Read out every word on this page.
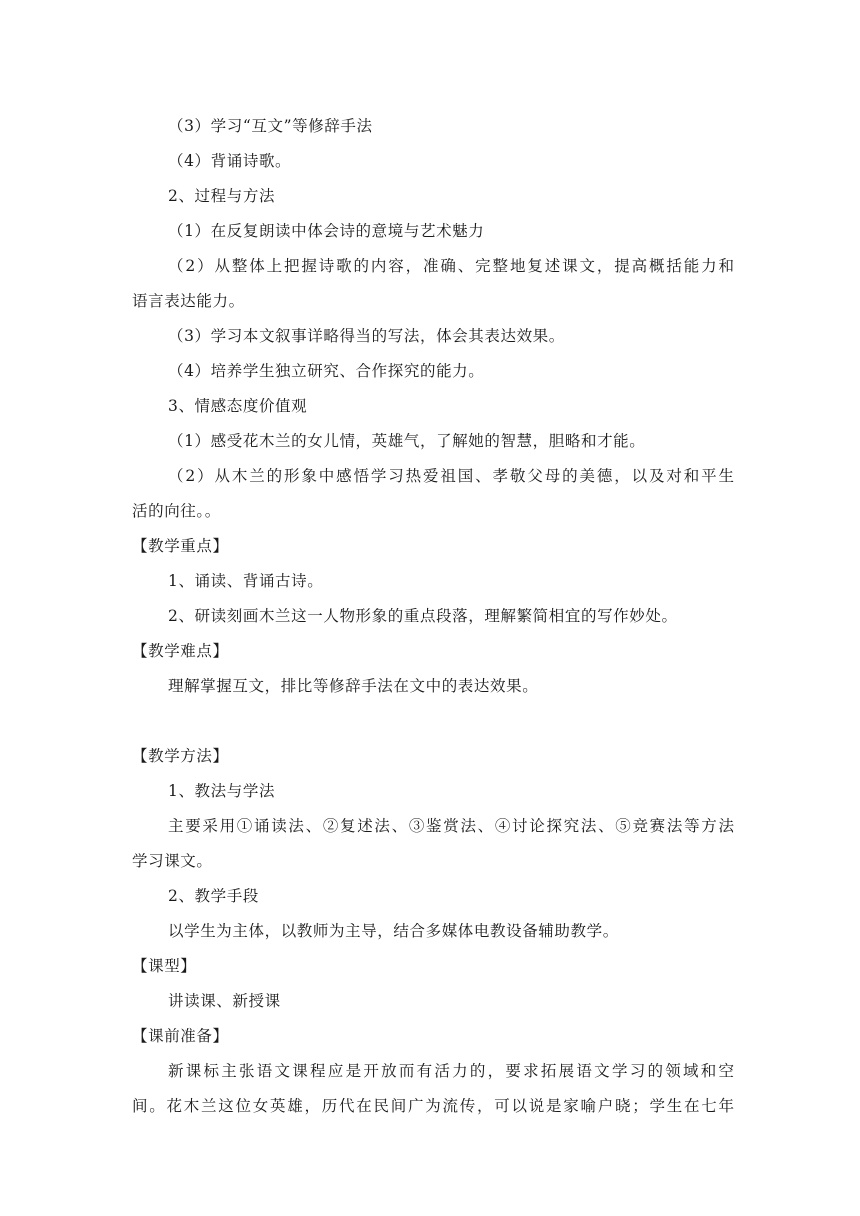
（3）学习“互文”等修辞手法
（4）背诵诗歌。
2、过程与方法
（1）在反复朗读中体会诗的意境与艺术魅力
（2）从整体上把握诗歌的内容，准确、完整地复述课文，提高概括能力和
语言表达能力。
（3）学习本文叙事详略得当的写法，体会其表达效果。
（4）培养学生独立研究、合作探究的能力。
3、情感态度价值观
（1）感受花木兰的女儿情，英雄气，了解她的智慧，胆略和才能。
（2）从木兰的形象中感悟学习热爱祖国、孝敬父母的美德，以及对和平生
活的向往。。
【教学重点】
1、诵读、背诵古诗。
2、研读刻画木兰这一人物形象的重点段落，理解繁简相宜的写作妙处。
【教学难点】
理解掌握互文，排比等修辞手法在文中的表达效果。
【教学方法】
1、教法与学法
主要采用①诵读法、②复述法、③鉴赏法、④讨论探究法、⑤竞赛法等方法
学习课文。
2、教学手段
以学生为主体，以教师为主导，结合多媒体电教设备辅助教学。
【课型】
讲读课、新授课
【课前准备】
新课标主张语文课程应是开放而有活力的，要求拓展语文学习的领域和空
间。花木兰这位女英雄，历代在民间广为流传，可以说是家喻户晓；学生在七年
